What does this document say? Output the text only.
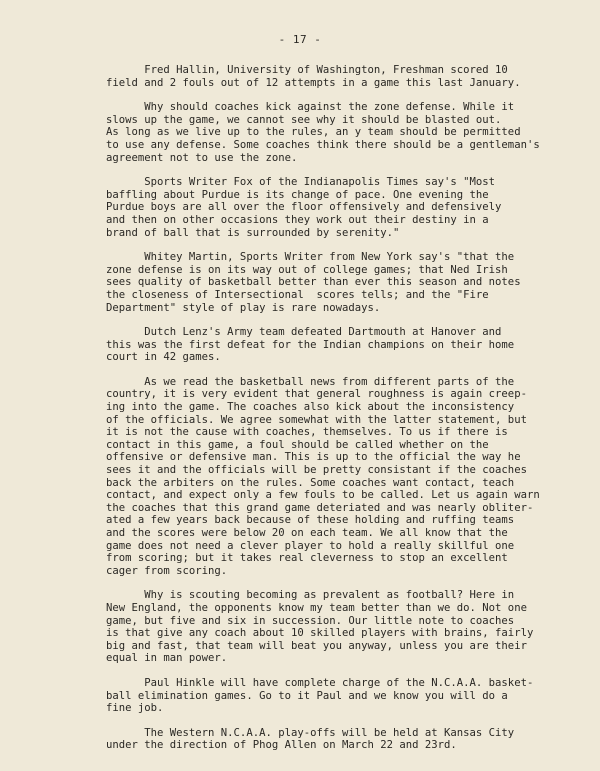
- 17 -
Fred Hallin, University of Washington, Freshman scored 10
field and 2 fouls out of 12 attempts in a game this last January.
Why should coaches kick against the zone defense. While it
slows up the game, we cannot see why it should be blasted out.
As long as we live up to the rules, an y team should be permitted
to use any defense. Some coaches think there should be a gentleman's
agreement not to use the zone.
Sports Writer Fox of the Indianapolis Times say's "Most
baffling about Purdue is its change of pace. One evening the
Purdue boys are all over the floor offensively and defensively
and then on other occasions they work out their destiny in a
brand of ball that is surrounded by serenity."
Whitey Martin, Sports Writer from New York say's "that the
zone defense is on its way out of college games; that Ned Irish
sees quality of basketball better than ever this season and notes
the closeness of Intersectional  scores tells; and the "Fire
Department" style of play is rare nowadays.
Dutch Lenz's Army team defeated Dartmouth at Hanover and
this was the first defeat for the Indian champions on their home
court in 42 games.
As we read the basketball news from different parts of the
country, it is very evident that general roughness is again creep-
ing into the game. The coaches also kick about the inconsistency
of the officials. We agree somewhat with the latter statement, but
it is not the cause with coaches, themselves. To us if there is
contact in this game, a foul should be called whether on the
offensive or defensive man. This is up to the official the way he
sees it and the officials will be pretty consistant if the coaches
back the arbiters on the rules. Some coaches want contact, teach
contact, and expect only a few fouls to be called. Let us again warn
the coaches that this grand game deteriated and was nearly obliter-
ated a few years back because of these holding and ruffing teams
and the scores were below 20 on each team. We all know that the
game does not need a clever player to hold a really skillful one
from scoring; but it takes real cleverness to stop an excellent
cager from scoring.
Why is scouting becoming as prevalent as football? Here in
New England, the opponents know my team better than we do. Not one
game, but five and six in succession. Our little note to coaches
is that give any coach about 10 skilled players with brains, fairly
big and fast, that team will beat you anyway, unless you are their
equal in man power.
Paul Hinkle will have complete charge of the N.C.A.A. basket-
ball elimination games. Go to it Paul and we know you will do a
fine job.
The Western N.C.A.A. play-offs will be held at Kansas City
under the direction of Phog Allen on March 22 and 23rd.
